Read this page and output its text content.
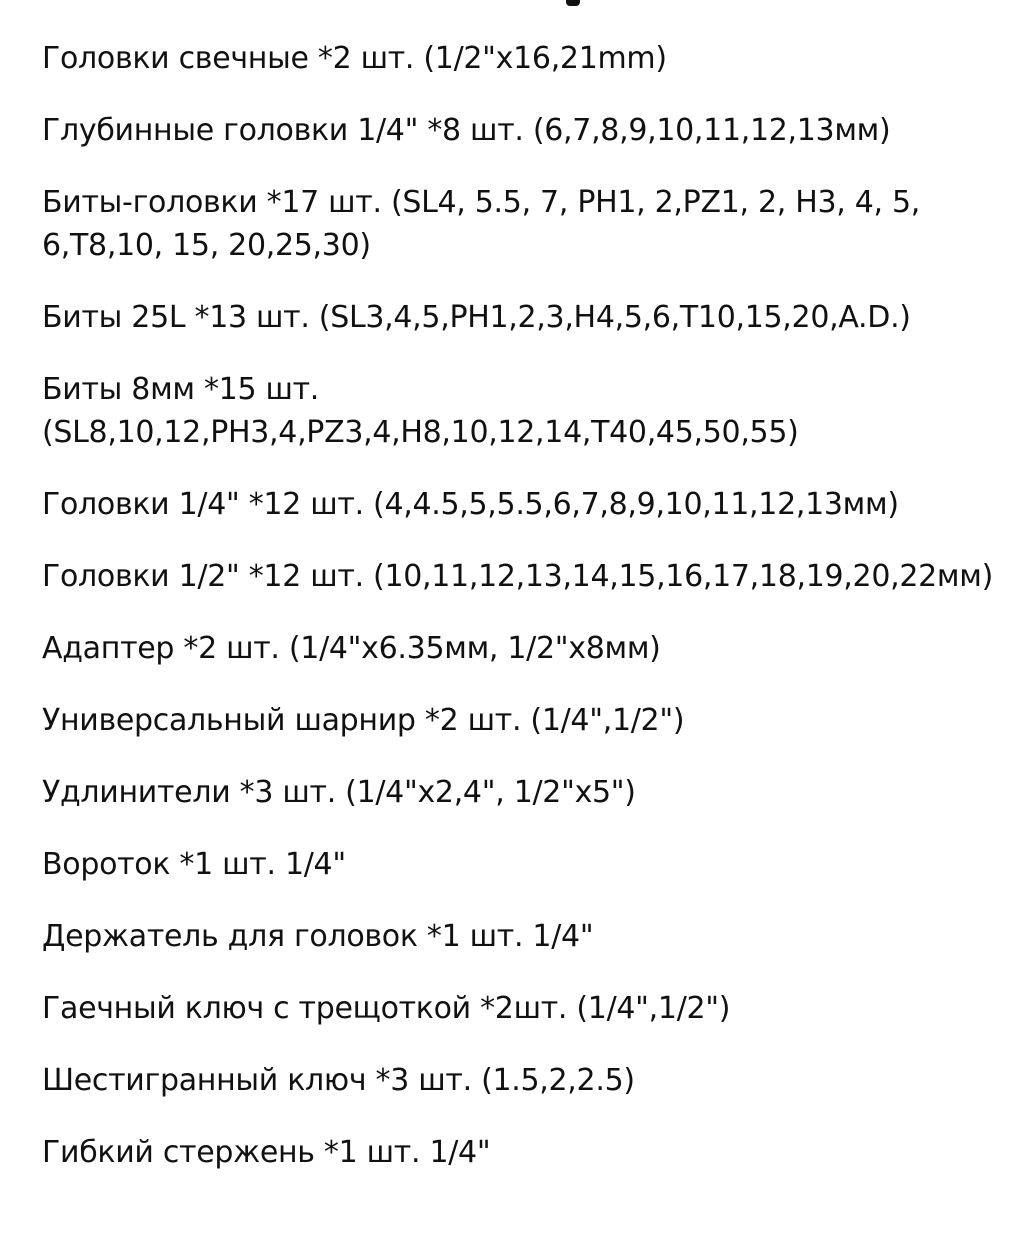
Головки свечные *2 шт. (1/2"x16,21mm)
Глубинные головки 1/4" *8 шт. (6,7,8,9,10,11,12,13мм)
Биты-головки *17 шт. (SL4, 5.5, 7, PH1, 2,PZ1, 2, H3, 4, 5,
6,T8,10, 15, 20,25,30)
Биты 25L *13 шт. (SL3,4,5,PH1,2,3,H4,5,6,T10,15,20,A.D.)
Биты 8мм *15 шт.
(SL8,10,12,PH3,4,PZ3,4,H8,10,12,14,T40,45,50,55)
Головки 1/4" *12 шт. (4,4.5,5,5.5,6,7,8,9,10,11,12,13мм)
Головки 1/2" *12 шт. (10,11,12,13,14,15,16,17,18,19,20,22мм)
Адаптер *2 шт. (1/4"x6.35мм, 1/2"x8мм)
Универсальный шарнир *2 шт. (1/4",1/2")
Удлинители *3 шт. (1/4"x2,4", 1/2"x5")
Вороток *1 шт. 1/4"
Держатель для головок *1 шт. 1/4"
Гаечный ключ с трещоткой *2шт. (1/4",1/2")
Шестигранный ключ *3 шт. (1.5,2,2.5)
Гибкий стержень *1 шт. 1/4"
